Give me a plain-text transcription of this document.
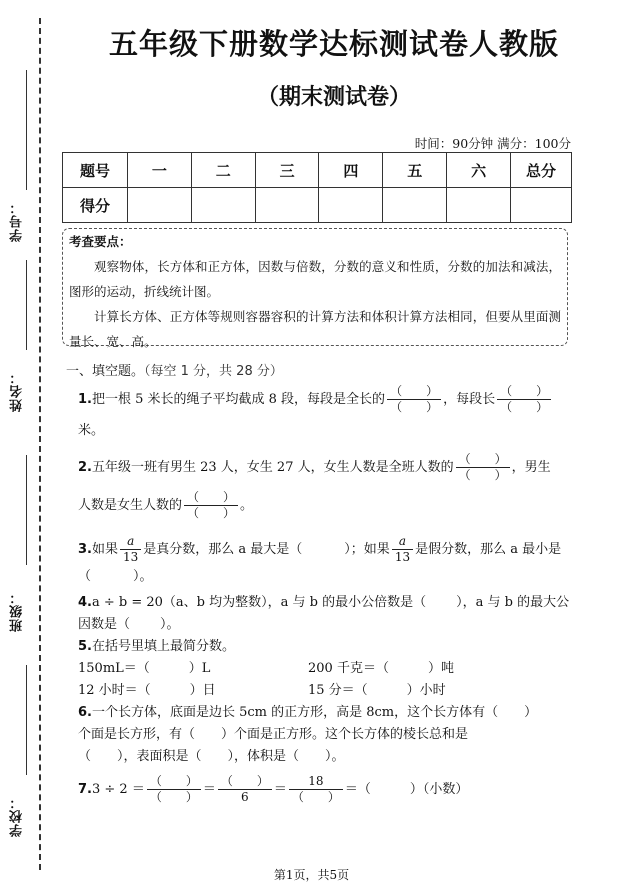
学号：
姓名：
班级：
学校：
五年级下册数学达标测试卷人教版
（期末测试卷）
时间：90分钟 满分：100分
题号	一	二	三	四	五	六	总分
得分							
考查要点：

观察物体，长方体和正方体，因数与倍数，分数的意义和性质，分数的加法和减法，图形的运动，折线统计图。

计算长方体、正方体等规则容器容积的计算方法和体积计算方法相同，但要从里面测量长、宽、高。

一、填空题。（每空 1 分，共 28 分）
1.把一根 5 米长的绳子平均截成 8 段，每段是全长的 $\frac{( )}{( )}$ ，每段长 $\frac{( )}{( )}$
米。
2.五年级一班有男生 23 人，女生 27 人，女生人数是全班人数的 $\frac{( )}{( )}$ ，男生
人数是女生人数的 $\frac{( )}{( )}$ 。
3.如果 $\frac{a}{13}$ 是真分数，那么 a 最大是（	）；如果 $\frac{a}{13}$ 是假分数，那么 a 最小是
（	）。
4.a ÷ b = 20（a、b 均为整数），a 与 b 的最小公倍数是（ ），a 与 b 的最大公
因数是（ ）。
5.在括号里填上最简分数。
150mL＝（　　　）L	200 千克＝（　　　）吨
12 小时＝（　　　）日	15 分＝（　　　）小时
6.一个长方体，底面是边长 5cm 的正方形，高是 8cm，这个长方体有（　　）
个面是长方形，有（　　）个面是正方形。这个长方体的棱长总和是
（　　），表面积是（　　），体积是（　　）。
$7.3 \div 2 = \frac{( )}{( )} = \frac{( )}{6} = \frac{18}{( )}$ ＝（　　　）（小数）
第1页，共5页
